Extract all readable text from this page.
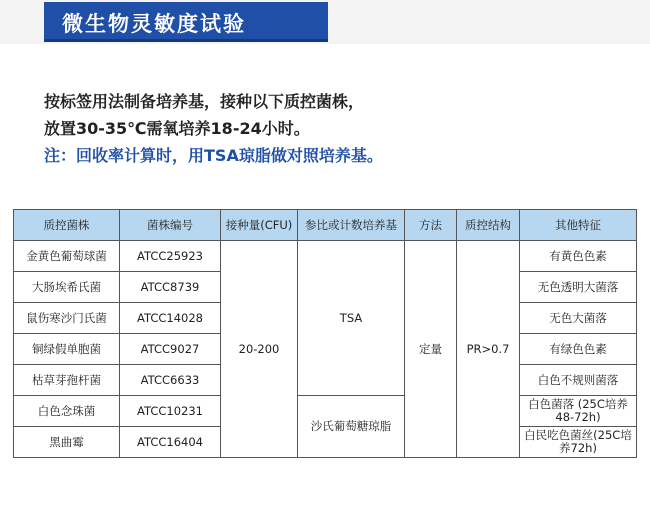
微生物灵敏度试验
按标签用法制备培养基，接种以下质控菌株，
放置30-35℃需氧培养18-24小时。
注：回收率计算时，用TSA琼脂做对照培养基。
质控菌株	菌株编号	接种量(CFU)	参比或计数培养基	方法	质控结构	其他特征
金黄色葡萄球菌	ATCC25923	20-200	TSA	定量	PR>0.7	有黄色色素
大肠埃希氏菌	ATCC8739					无色透明大菌落
鼠伤寒沙门氏菌	ATCC14028					无色大菌落
铜绿假单胞菌	ATCC9027					有绿色色素
枯草芽孢杆菌	ATCC6633					白色不规则菌落
白色念珠菌	ATCC10231		沙氏葡萄糖琼脂			白色菌落 (25C培养48-72h)
黑曲霉	ATCC16404					白民吃色菌丝(25C培养72h)
